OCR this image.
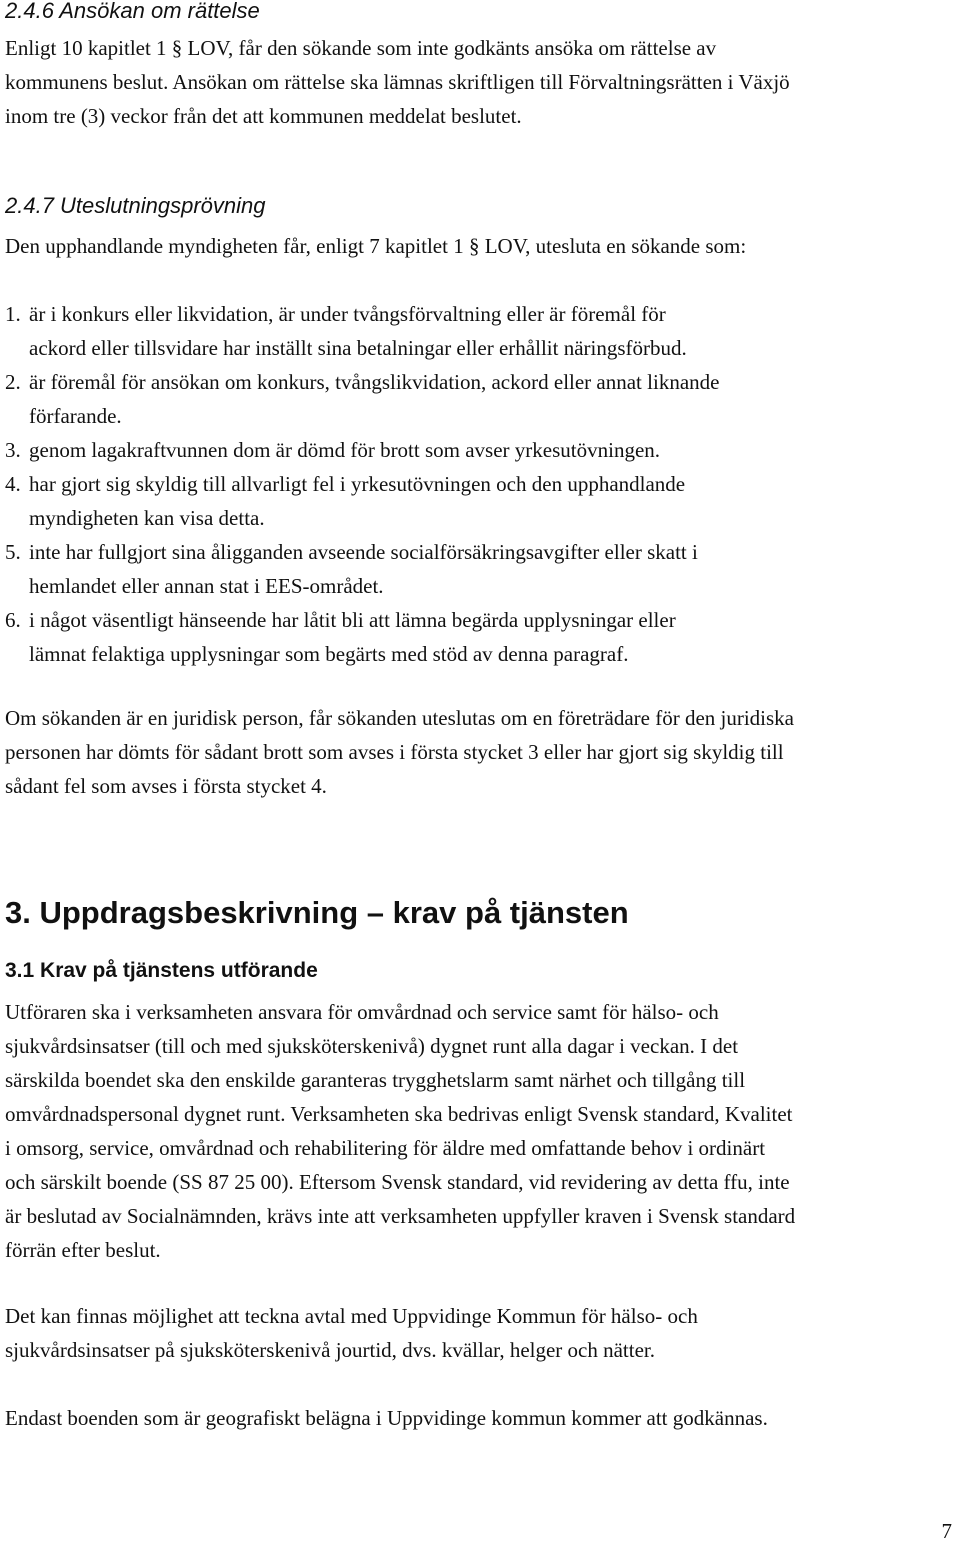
2.4.6 Ansökan om rättelse
Enligt 10 kapitlet 1 § LOV, får den sökande som inte godkänts ansöka om rättelse av
kommunens beslut. Ansökan om rättelse ska lämnas skriftligen till Förvaltningsrätten i Växjö
inom tre (3) veckor från det att kommunen meddelat beslutet.
2.4.7 Uteslutningsprövning
Den upphandlande myndigheten får, enligt 7 kapitlet 1 § LOV, utesluta en sökande som:
1. är i konkurs eller likvidation, är under tvångsförvaltning eller är föremål för
ackord eller tillsvidare har inställt sina betalningar eller erhållit näringsförbud.
2. är föremål för ansökan om konkurs, tvångslikvidation, ackord eller annat liknande
förfarande.
3. genom lagakraftvunnen dom är dömd för brott som avser yrkesutövningen.
4. har gjort sig skyldig till allvarligt fel i yrkesutövningen och den upphandlande
myndigheten kan visa detta.
5. inte har fullgjort sina åligganden avseende socialförsäkringsavgifter eller skatt i
hemlandet eller annan stat i EES-området.
6. i något väsentligt hänseende har låtit bli att lämna begärda upplysningar eller
lämnat felaktiga upplysningar som begärts med stöd av denna paragraf.
Om sökanden är en juridisk person, får sökanden uteslutas om en företrädare för den juridiska
personen har dömts för sådant brott som avses i första stycket 3 eller har gjort sig skyldig till
sådant fel som avses i första stycket 4.
3. Uppdragsbeskrivning – krav på tjänsten
3.1 Krav på tjänstens utförande
Utföraren ska i verksamheten ansvara för omvårdnad och service samt för hälso- och
sjukvårdsinsatser (till och med sjuksköterskenivå) dygnet runt alla dagar i veckan. I det
särskilda boendet ska den enskilde garanteras trygghetslarm samt närhet och tillgång till
omvårdnadspersonal dygnet runt. Verksamheten ska bedrivas enligt Svensk standard, Kvalitet
i omsorg, service, omvårdnad och rehabilitering för äldre med omfattande behov i ordinärt
och särskilt boende (SS 87 25 00). Eftersom Svensk standard, vid revidering av detta ffu, inte
är beslutad av Socialnämnden, krävs inte att verksamheten uppfyller kraven i Svensk standard
förrän efter beslut.
Det kan finnas möjlighet att teckna avtal med Uppvidinge Kommun för hälso- och
sjukvårdsinsatser på sjuksköterskenivå jourtid, dvs. kvällar, helger och nätter.
Endast boenden som är geografiskt belägna i Uppvidinge kommun kommer att godkännas.
7
